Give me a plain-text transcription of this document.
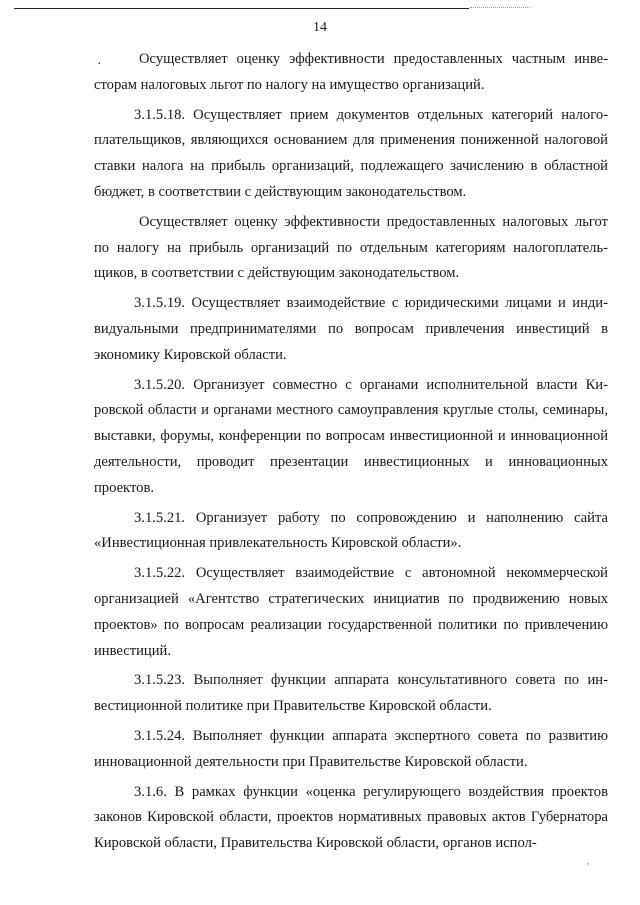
14
·	Осуществляет оценку эффективности предоставленных частным инвесторам налоговых льгот по налогу на имущество организаций.

3.1.5.18. Осуществляет прием документов отдельных категорий налогоплательщиков, являющихся основанием для применения пониженной налоговой ставки налога на прибыль организаций, подлежащего зачислению в областной бюджет, в соответствии с действующим законодательством.

Осуществляет оценку эффективности предоставленных налоговых льгот по налогу на прибыль организаций по отдельным категориям налогоплательщиков, в соответствии с действующим законодательством.

3.1.5.19. Осуществляет взаимодействие с юридическими лицами и индивидуальными предпринимателями по вопросам привлечения инвестиций в экономику Кировской области.

3.1.5.20. Организует совместно с органами исполнительной власти Кировской области и органами местного самоуправления круглые столы, семинары, выставки, форумы, конференции по вопросам инвестиционной и инновационной деятельности, проводит презентации инвестиционных и инновационных проектов.

3.1.5.21. Организует работу по сопровождению и наполнению сайта «Инвестиционная привлекательность Кировской области».

3.1.5.22. Осуществляет взаимодействие с автономной некоммерческой организацией «Агентство стратегических инициатив по продвижению новых проектов» по вопросам реализации государственной политики по привлечению инвестиций.

3.1.5.23. Выполняет функции аппарата консультативного совета по инвестиционной политике при Правительстве Кировской области.

3.1.5.24. Выполняет функции аппарата экспертного совета по развитию инновационной деятельности при Правительстве Кировской области.

3.1.6. В рамках функции «оценка регулирующего воздействия проектов законов Кировской области, проектов нормативных правовых актов Губернатора Кировской области, Правительства Кировской области, органов испол-

,
